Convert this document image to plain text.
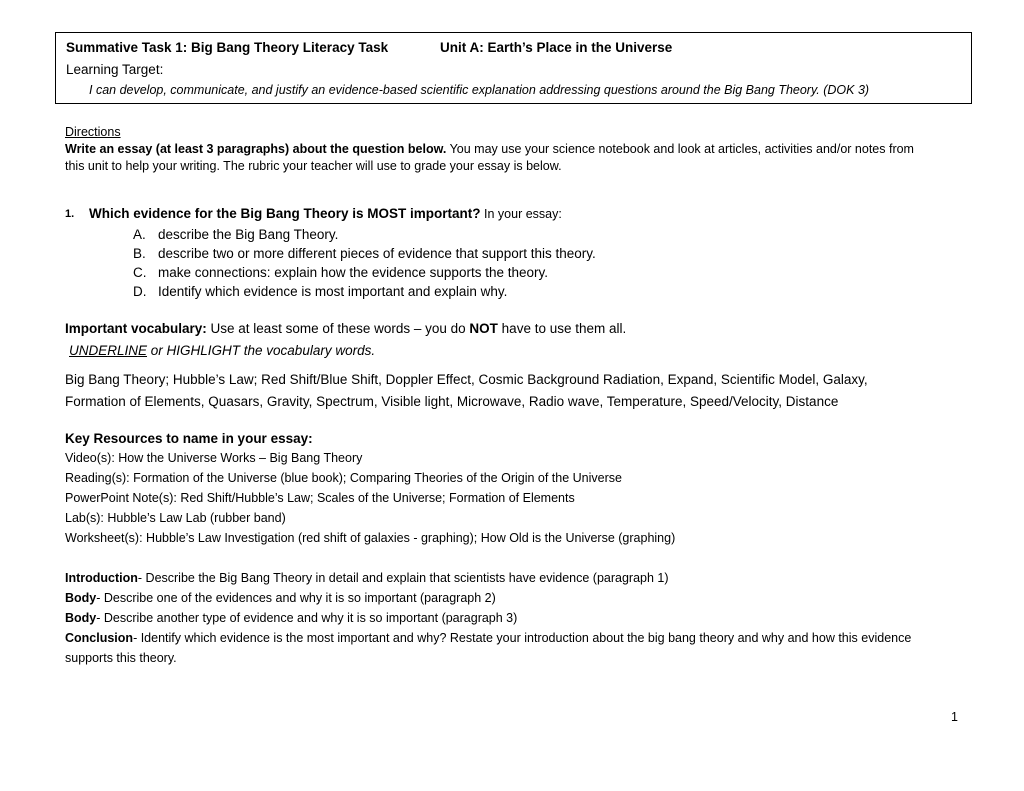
Summative Task 1: Big Bang Theory Literacy Task	Unit A: Earth’s Place in the Universe
Learning Target:
I can develop, communicate, and justify an evidence-based scientific explanation addressing questions around the Big Bang Theory. (DOK 3)
Directions
Write an essay (at least 3 paragraphs) about the question below. You may use your science notebook and look at articles, activities and/or notes from
this unit to help your writing. The rubric your teacher will use to grade your essay is below.
1. Which evidence for the Big Bang Theory is MOST important? In your essay:
A. describe the Big Bang Theory.
B. describe two or more different pieces of evidence that support this theory.
C. make connections: explain how the evidence supports the theory.
D. Identify which evidence is most important and explain why.
Important vocabulary: Use at least some of these words – you do NOT have to use them all.
UNDERLINE or HIGHLIGHT the vocabulary words.
Big Bang Theory; Hubble’s Law; Red Shift/Blue Shift, Doppler Effect, Cosmic Background Radiation, Expand, Scientific Model, Galaxy,
Formation of Elements, Quasars, Gravity, Spectrum, Visible light, Microwave, Radio wave, Temperature, Speed/Velocity, Distance
Key Resources to name in your essay:
Video(s): How the Universe Works – Big Bang Theory
Reading(s): Formation of the Universe (blue book); Comparing Theories of the Origin of the Universe
PowerPoint Note(s): Red Shift/Hubble’s Law; Scales of the Universe; Formation of Elements
Lab(s): Hubble’s Law Lab (rubber band)
Worksheet(s): Hubble’s Law Investigation (red shift of galaxies - graphing); How Old is the Universe (graphing)
Introduction- Describe the Big Bang Theory in detail and explain that scientists have evidence (paragraph 1)
Body- Describe one of the evidences and why it is so important (paragraph 2)
Body- Describe another type of evidence and why it is so important (paragraph 3)
Conclusion- Identify which evidence is the most important and why? Restate your introduction about the big bang theory and why and how this evidence
supports this theory.
1
